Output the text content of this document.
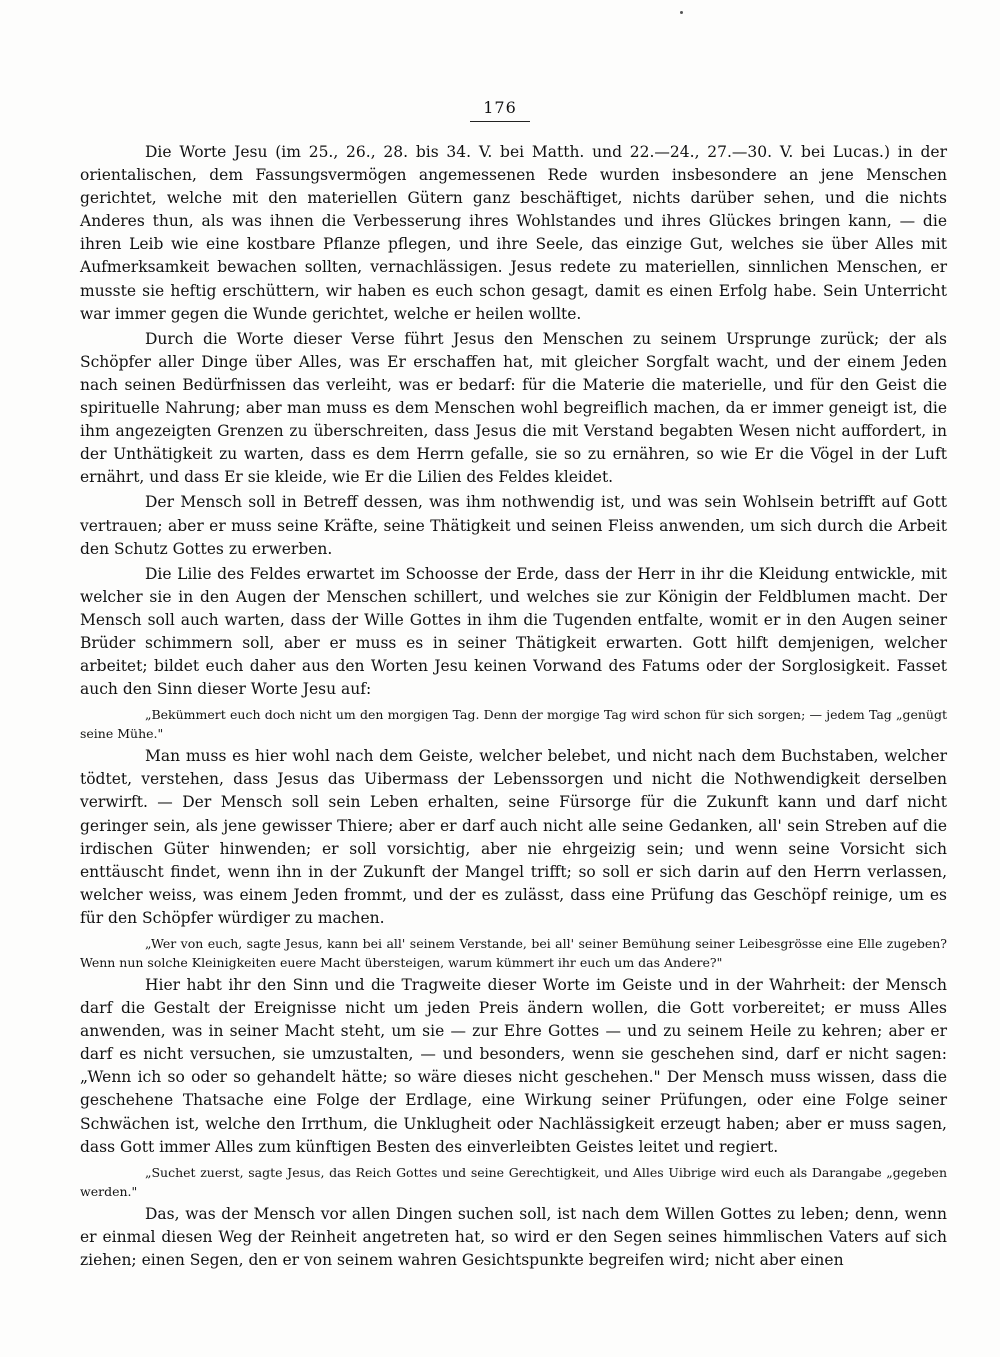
176

Die Worte Jesu (im 25., 26., 28. bis 34. V. bei Matth. und 22.—24., 27.—30. V. bei Lucas.) in der orientalischen, dem Fassungsvermögen angemessenen Rede wurden insbesondere an jene Menschen gerichtet, welche mit den materiellen Gütern ganz beschäftiget, nichts darüber sehen, und die nichts Anderes thun, als was ihnen die Verbesserung ihres Wohlstandes und ihres Glückes bringen kann, — die ihren Leib wie eine kostbare Pflanze pflegen, und ihre Seele, das einzige Gut, welches sie über Alles mit Aufmerksamkeit bewachen sollten, vernachlässigen. Jesus redete zu materiellen, sinnlichen Menschen, er musste sie heftig erschüttern, wir haben es euch schon gesagt, damit es einen Erfolg habe. Sein Unterricht war immer gegen die Wunde gerichtet, welche er heilen wollte.

Durch die Worte dieser Verse führt Jesus den Menschen zu seinem Ursprunge zurück; der als Schöpfer aller Dinge über Alles, was Er erschaffen hat, mit gleicher Sorgfalt wacht, und der einem Jeden nach seinen Bedürfnissen das verleiht, was er bedarf: für die Materie die materielle, und für den Geist die spirituelle Nahrung; aber man muss es dem Menschen wohl begreiflich machen, da er immer geneigt ist, die ihm angezeigten Grenzen zu überschreiten, dass Jesus die mit Verstand begabten Wesen nicht auffordert, in der Unthätigkeit zu warten, dass es dem Herrn gefalle, sie so zu ernähren, so wie Er die Vögel in der Luft ernährt, und dass Er sie kleide, wie Er die Lilien des Feldes kleidet.

Der Mensch soll in Betreff dessen, was ihm nothwendig ist, und was sein Wohlsein betrifft auf Gott vertrauen; aber er muss seine Kräfte, seine Thätigkeit und seinen Fleiss anwenden, um sich durch die Arbeit den Schutz Gottes zu erwerben.

Die Lilie des Feldes erwartet im Schoosse der Erde, dass der Herr in ihr die Kleidung entwickle, mit welcher sie in den Augen der Menschen schillert, und welches sie zur Königin der Feldblumen macht. Der Mensch soll auch warten, dass der Wille Gottes in ihm die Tugenden entfalte, womit er in den Augen seiner Brüder schimmern soll, aber er muss es in seiner Thätigkeit erwarten. Gott hilft demjenigen, welcher arbeitet; bildet euch daher aus den Worten Jesu keinen Vorwand des Fatums oder der Sorglosigkeit. Fasset auch den Sinn dieser Worte Jesu auf:

„Bekümmert euch doch nicht um den morgigen Tag. Denn der morgige Tag wird schon für sich sorgen; — jedem Tag „genügt seine Mühe."

Man muss es hier wohl nach dem Geiste, welcher belebet, und nicht nach dem Buchstaben, welcher tödtet, verstehen, dass Jesus das Uibermass der Lebenssorgen und nicht die Nothwendigkeit derselben verwirft. — Der Mensch soll sein Leben erhalten, seine Fürsorge für die Zukunft kann und darf nicht geringer sein, als jene gewisser Thiere; aber er darf auch nicht alle seine Gedanken, all' sein Streben auf die irdischen Güter hinwenden; er soll vorsichtig, aber nie ehrgeizig sein; und wenn seine Vorsicht sich enttäuscht findet, wenn ihn in der Zukunft der Mangel trifft; so soll er sich darin auf den Herrn verlassen, welcher weiss, was einem Jeden frommt, und der es zulässt, dass eine Prüfung das Geschöpf reinige, um es für den Schöpfer würdiger zu machen.

„Wer von euch, sagte Jesus, kann bei all' seinem Verstande, bei all' seiner Bemühung seiner Leibesgrösse eine Elle zugeben? Wenn nun solche Kleinigkeiten euere Macht übersteigen, warum kümmert ihr euch um das Andere?"

Hier habt ihr den Sinn und die Tragweite dieser Worte im Geiste und in der Wahrheit: der Mensch darf die Gestalt der Ereignisse nicht um jeden Preis ändern wollen, die Gott vorbereitet; er muss Alles anwenden, was in seiner Macht steht, um sie — zur Ehre Gottes — und zu seinem Heile zu kehren; aber er darf es nicht versuchen, sie umzustalten, — und besonders, wenn sie geschehen sind, darf er nicht sagen: „Wenn ich so oder so gehandelt hätte; so wäre dieses nicht geschehen." Der Mensch muss wissen, dass die geschehene Thatsache eine Folge der Erdlage, eine Wirkung seiner Prüfungen, oder eine Folge seiner Schwächen ist, welche den Irrthum, die Unklugheit oder Nachlässigkeit erzeugt haben; aber er muss sagen, dass Gott immer Alles zum künftigen Besten des einverleibten Geistes leitet und regiert.

„Suchet zuerst, sagte Jesus, das Reich Gottes und seine Gerechtigkeit, und Alles Uibrige wird euch als Darangabe „gegeben werden."

Das, was der Mensch vor allen Dingen suchen soll, ist nach dem Willen Gottes zu leben; denn, wenn er einmal diesen Weg der Reinheit angetreten hat, so wird er den Segen seines himmlischen Vaters auf sich ziehen; einen Segen, den er von seinem wahren Gesichtspunkte begreifen wird; nicht aber einen
